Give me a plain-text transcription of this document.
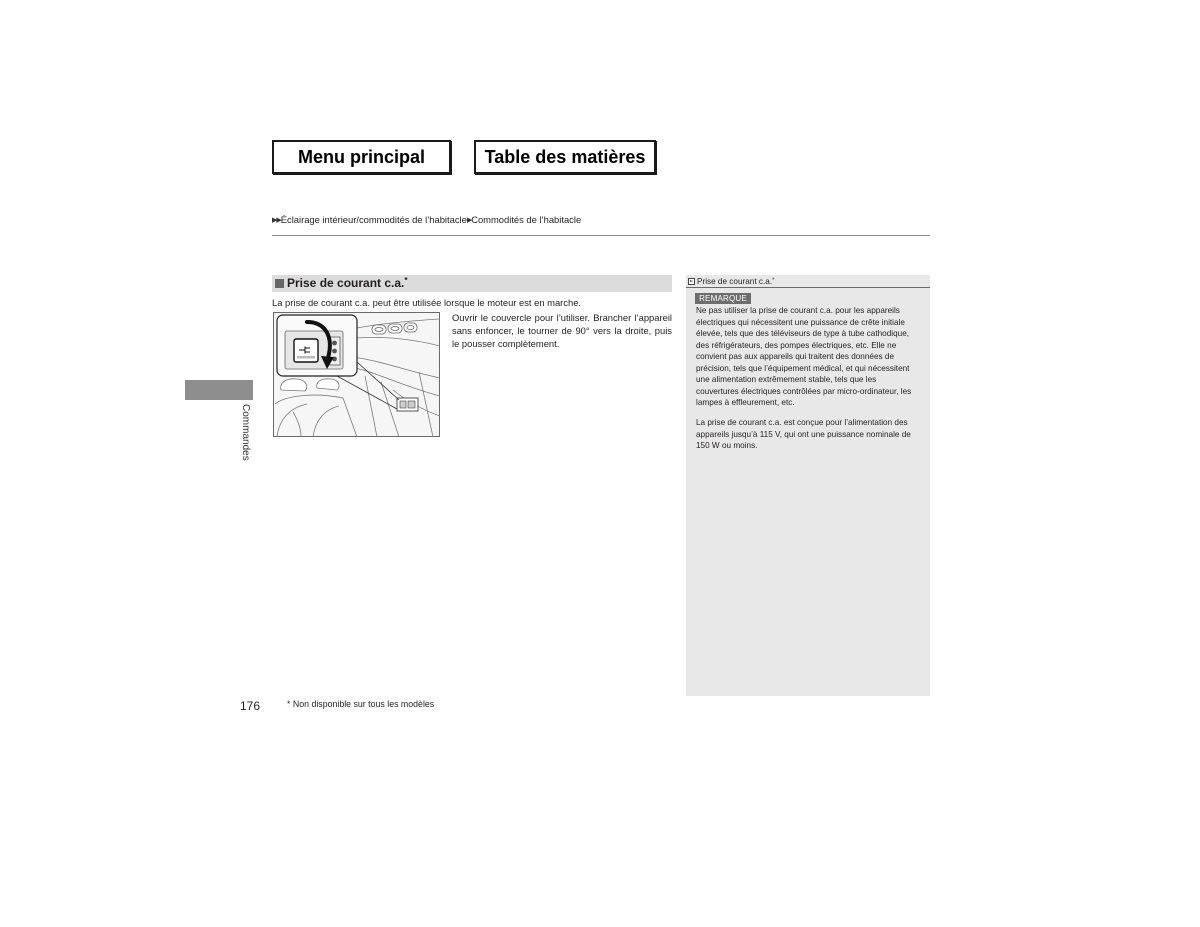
Menu principal	Table des matières
▶▶Éclairage intérieur/commodités de l’habitacle▶Commodités de l’habitacle
Commandes
Prise de courant c.a.*
La prise de courant c.a. peut être utilisée lorsque le moteur est en marche.
Ouvrir le couvercle pour l’utiliser. Brancher l’appareil
sans enfoncer, le tourner de 90° vers la droite, puis
le pousser complètement.
Prise de courant c.a.*
REMARQUE
Ne pas utiliser la prise de courant c.a. pour les appareils
électriques qui nécessitent une puissance de crête initiale
élevée, tels que des téléviseurs de type à tube cathodique,
des réfrigérateurs, des pompes électriques, etc. Elle ne
convient pas aux appareils qui traitent des données de
précision, tels que l’équipement médical, et qui nécessitent
une alimentation extrêmement stable, tels que les
couvertures électriques contrôlées par micro-ordinateur, les
lampes à effleurement, etc.
La prise de courant c.a. est conçue pour l’alimentation des
appareils jusqu’à 115 V, qui ont une puissance nominale de
150 W ou moins.
176	* Non disponible sur tous les modèles
